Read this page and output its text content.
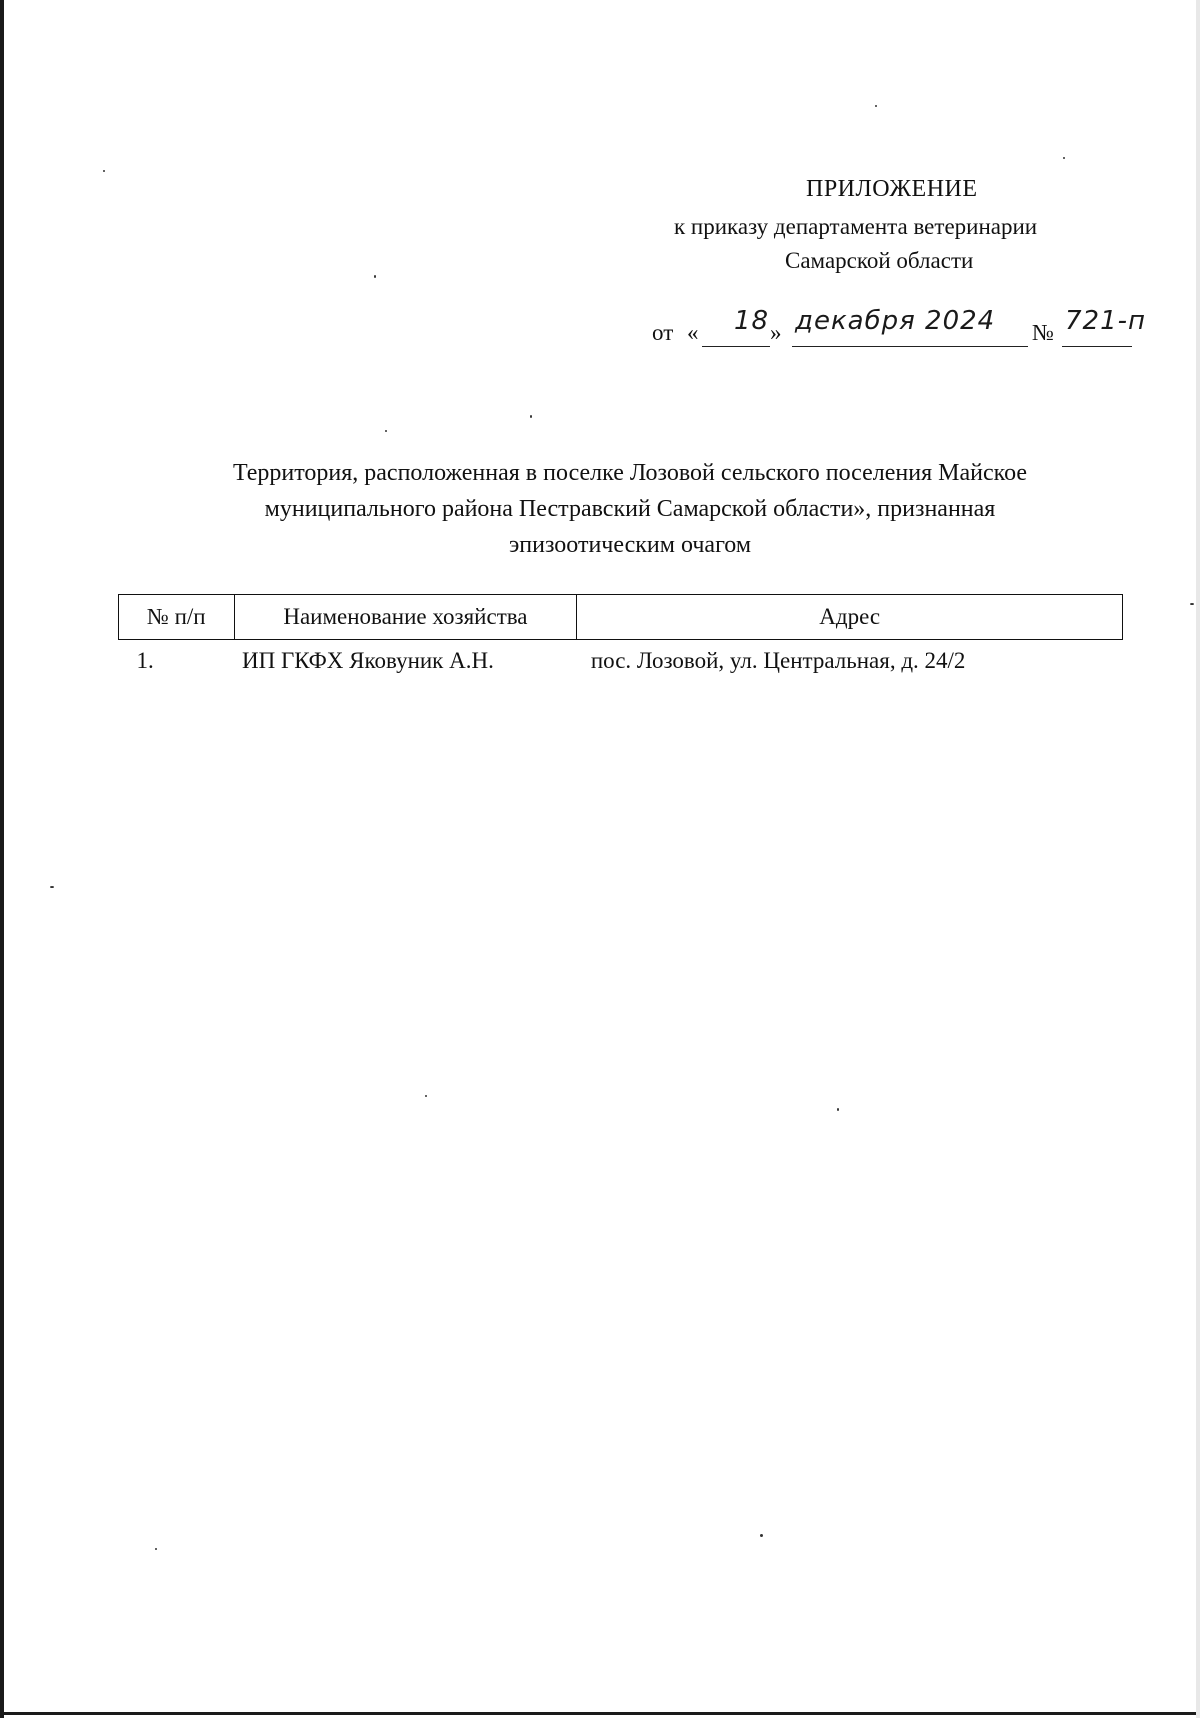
ПРИЛОЖЕНИЕ
к приказу департамента ветеринарии
Самарской области
от « 18 » декабря 2024 № 721-п
Территория, расположенная в поселке Лозовой сельского поселения Майское
муниципального района Пестравский Самарской области», признанная
эпизоотическим очагом
№ п/п	Наименование хозяйства	Адрес
1.	ИП ГКФХ Яковуник А.Н.	пос. Лозовой, ул. Центральная, д. 24/2
